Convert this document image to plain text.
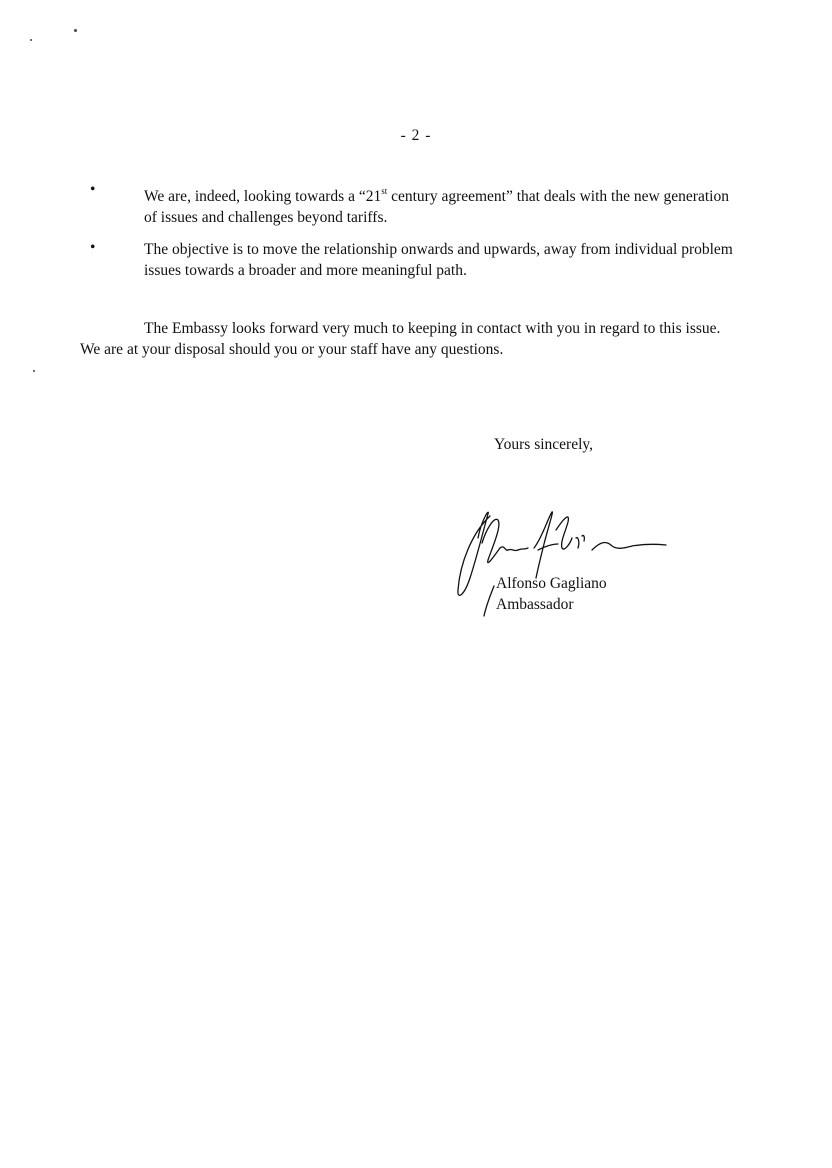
- 2 -
•	We are, indeed, looking towards a “21st century agreement” that deals with the new generation of issues and challenges beyond tariffs.
•	The objective is to move the relationship onwards and upwards, away from individual problem issues towards a broader and more meaningful path.
The Embassy looks forward very much to keeping in contact with you in regard to this issue. We are at your disposal should you or your staff have any questions.
Yours sincerely,
Alfonso Gagliano
Ambassador
